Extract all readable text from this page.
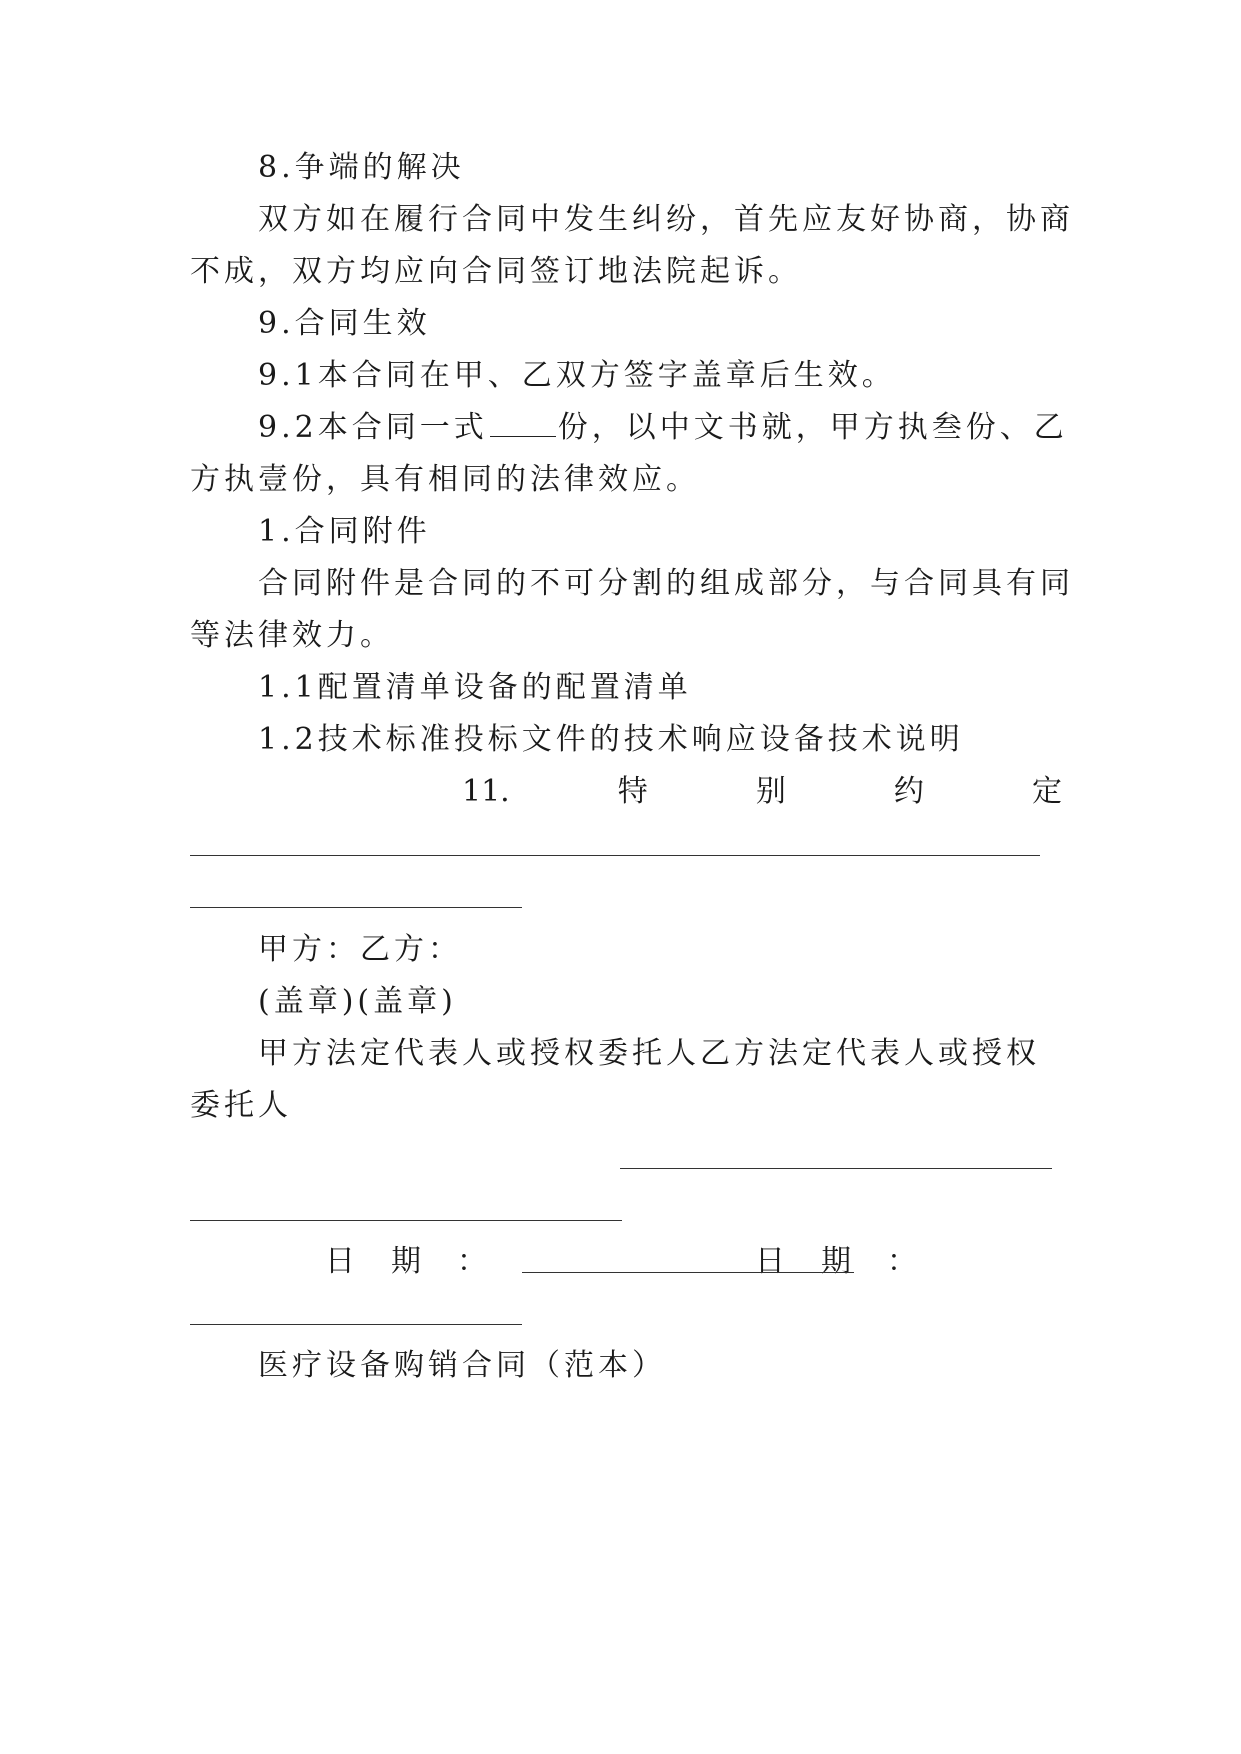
8.争端的解决
双方如在履行合同中发生纠纷，首先应友好协商，协商
不成，双方均应向合同签订地法院起诉。
9.合同生效
9.1本合同在甲、乙双方签字盖章后生效。
9.2本合同一式 份，以中文书就，甲方执叁份、乙
方执壹份，具有相同的法律效应。
1.合同附件
合同附件是合同的不可分割的组成部分，与合同具有同
等法律效力。
1.1配置清单设备的配置清单
1.2技术标准投标文件的技术响应设备技术说明
11.	特	别	约	定
甲方：乙方：
(盖章)(盖章)
甲方法定代表人或授权委托人乙方法定代表人或授权
委托人
日期：	日期：
医疗设备购销合同（范本）
